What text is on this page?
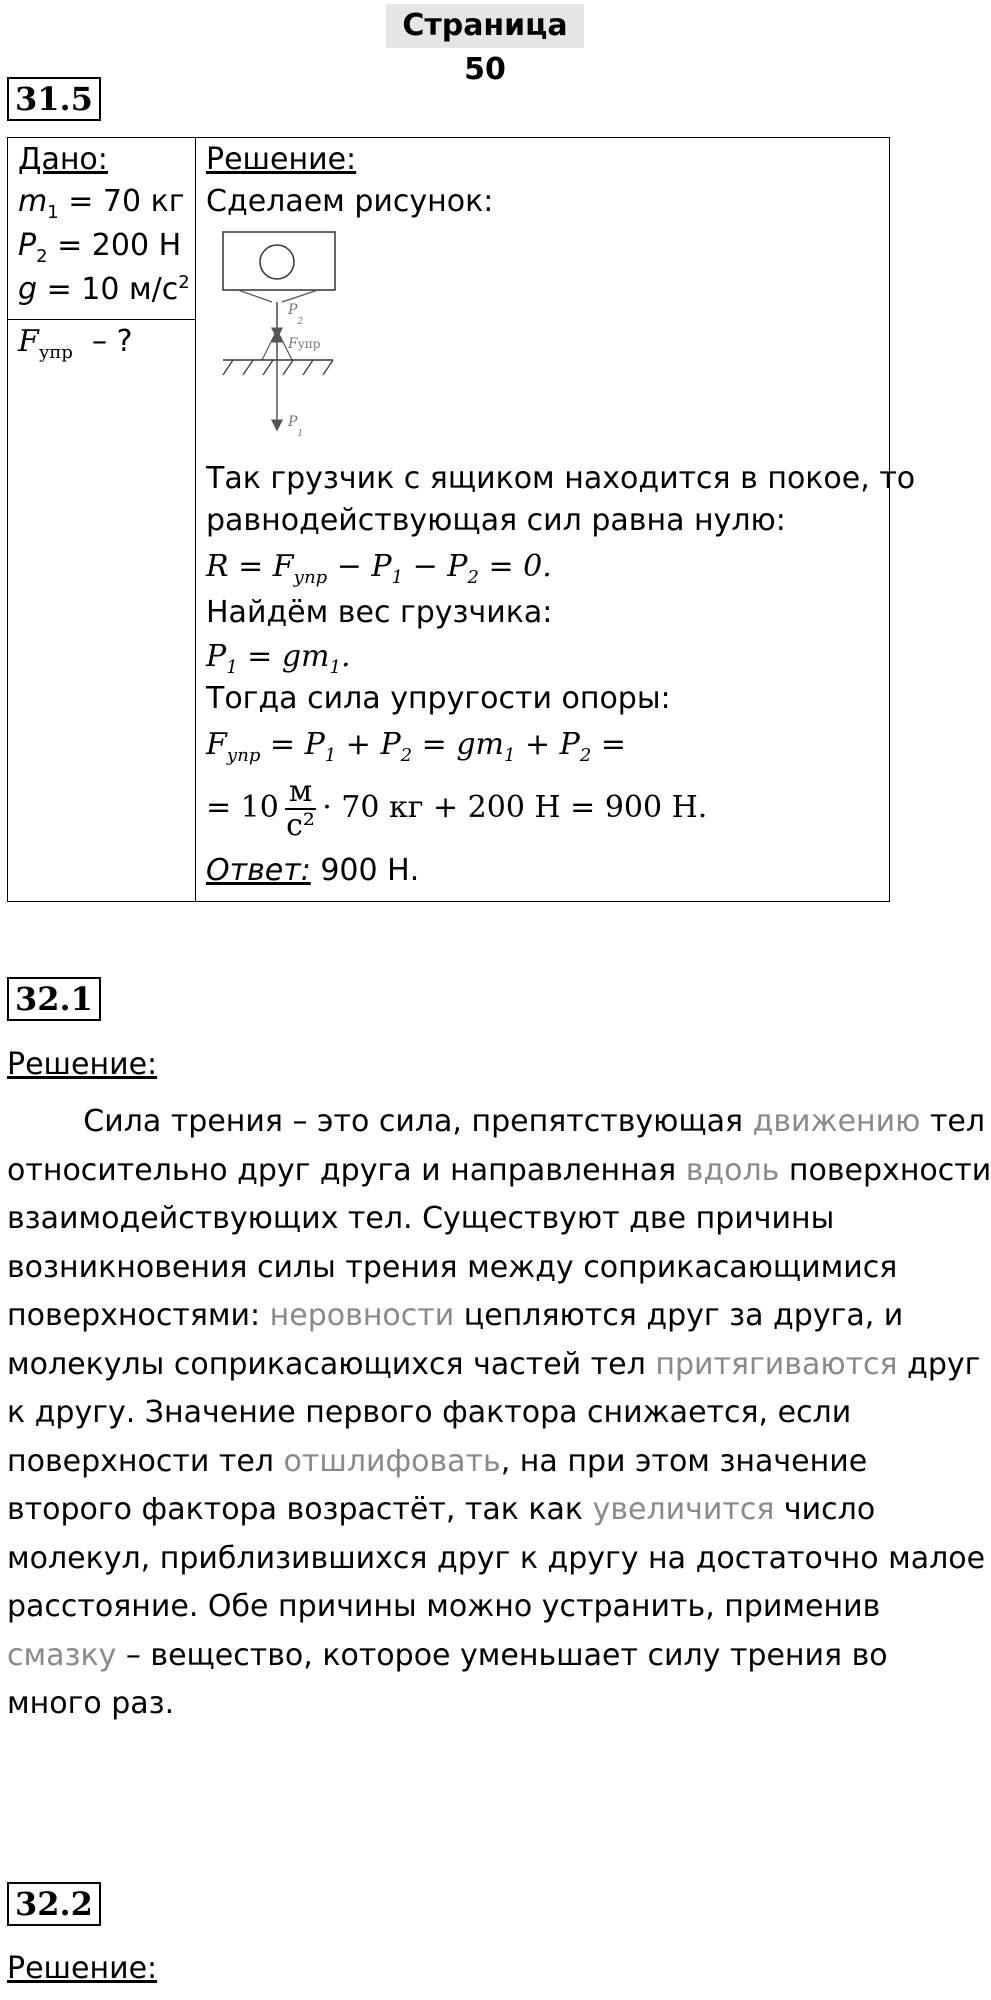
Страница 50
31.5
Дано:
$m_1 = 70$ кг
$P_2 = 200$ Н
g = 10 $м/с^2$
$F_{упр}$ – ?
Решение:
Сделаем рисунок:
$P_2$
Fупр
$P_1$
Так грузчик с ящиком находится в покое, то
равнодействующая сил равна нулю:
$R = F_{упр} - P_1 - P_2 = 0$.
Найдём вес грузчика:
$P_1 = gm_1$.
Тогда сила упругости опоры:
$F_{упр} = P_1 + P_2 = gm_1 + P_2$ =
= $10 \frac{м}{\text{с²}} \cdot 70$ кг + 200 Н = 900 Н.
Ответ: 900 Н.
32.1
Решение:
Сила трения – это сила, препятствующая движению тел
относительно друг друга и направленная вдоль поверхности
взаимодействующих тел. Существуют две причины
возникновения силы трения между соприкасающимися
поверхностями: неровности цепляются друг за друга, и
молекулы соприкасающихся частей тел притягиваются друг
к другу. Значение первого фактора снижается, если
поверхности тел отшлифовать, на при этом значение
второго фактора возрастёт, так как увеличится число
молекул, приблизившихся друг к другу на достаточно малое
расстояние. Обе причины можно устранить, применив
смазку – вещество, которое уменьшает силу трения во
много раз.
32.2
Решение:
